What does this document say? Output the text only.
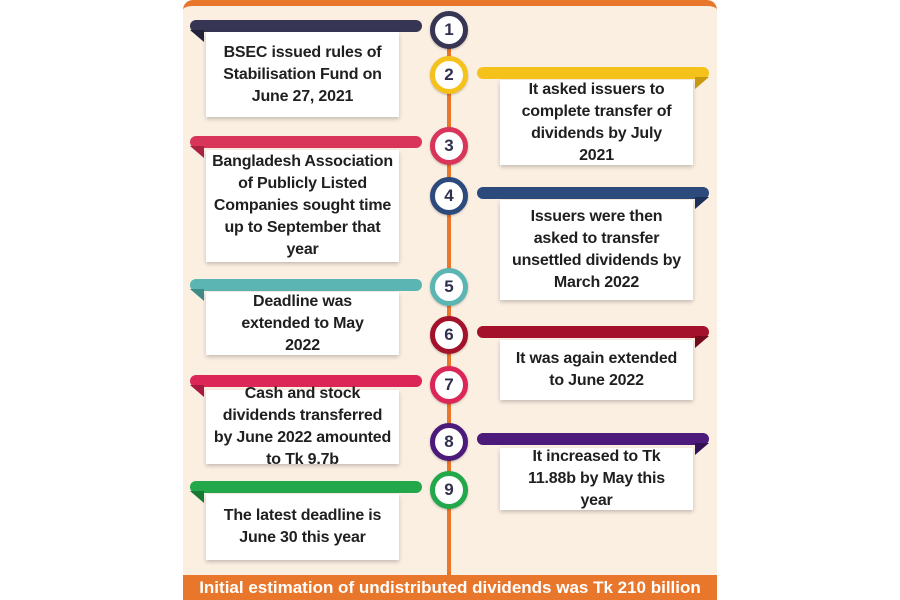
BSEC issued rules of Stabilisation Fund on June 27, 2021
1
It asked issuers to complete transfer of dividends by July 2021
2
Bangladesh Association of Publicly Listed Companies sought time up to September that year
3
Issuers were then asked to transfer unsettled dividends by March 2022
4
Deadline was extended to May 2022
5
It was again extended to June 2022
6
Cash and stock dividends transferred by June 2022 amounted to Tk 9.7b
7
It increased to Tk 11.88b by May this year
8
The latest deadline is June 30 this year
9
Initial estimation of undistributed dividends was Tk 210 billion
